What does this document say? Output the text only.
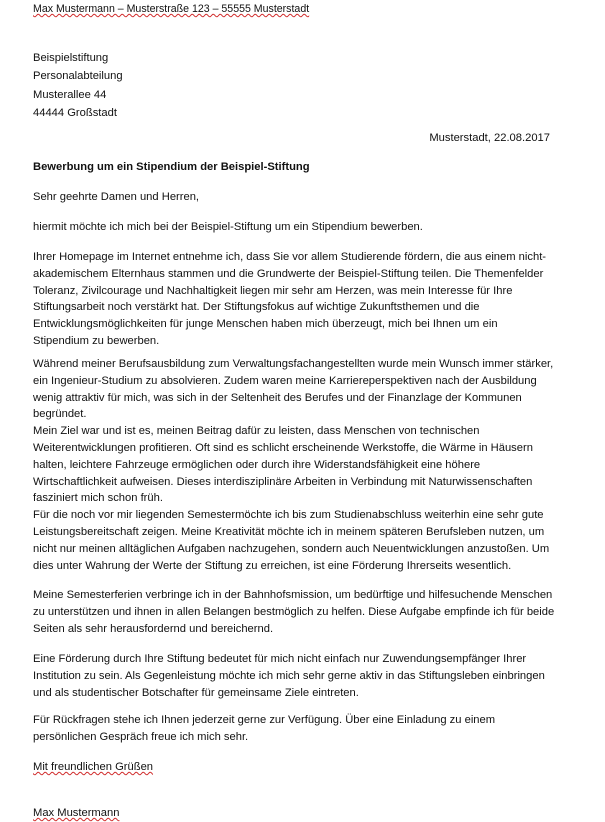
Max Mustermann – Musterstraße 123 – 55555 Musterstadt
Beispielstiftung
Personalabteilung
Musterallee 44
44444 Großstadt
Musterstadt, 22.08.2017
Bewerbung um ein Stipendium der Beispiel-Stiftung
Sehr geehrte Damen und Herren,
hiermit möchte ich mich bei der Beispiel-Stiftung um ein Stipendium bewerben.
Ihrer Homepage im Internet entnehme ich, dass Sie vor allem Studierende fördern, die aus einem nicht-akademischem Elternhaus stammen und die Grundwerte der Beispiel-Stiftung teilen. Die Themenfelder Toleranz, Zivilcourage und Nachhaltigkeit liegen mir sehr am Herzen, was mein Interesse für Ihre Stiftungsarbeit noch verstärkt hat. Der Stiftungsfokus auf wichtige Zukunftsthemen und die Entwicklungsmöglichkeiten für junge Menschen haben mich überzeugt, mich bei Ihnen um ein Stipendium zu bewerben.

Während meiner Berufsausbildung zum Verwaltungsfachangestellten wurde mein Wunsch immer stärker, ein Ingenieur-Studium zu absolvieren. Zudem waren meine Karriereperspektiven nach der Ausbildung wenig attraktiv für mich, was sich in der Seltenheit des Berufes und der Finanzlage der Kommunen begründet.

Mein Ziel war und ist es, meinen Beitrag dafür zu leisten, dass Menschen von technischen Weiterentwicklungen profitieren. Oft sind es schlicht erscheinende Werkstoffe, die Wärme in Häusern halten, leichtere Fahrzeuge ermöglichen oder durch ihre Widerstandsfähigkeit eine höhere Wirtschaftlichkeit aufweisen. Dieses interdisziplinäre Arbeiten in Verbindung mit Naturwissenschaften fasziniert mich schon früh.

Für die noch vor mir liegenden Semestermöchte ich bis zum Studienabschluss weiterhin eine sehr gute Leistungsbereitschaft zeigen. Meine Kreativität möchte ich in meinem späteren Berufsleben nutzen, um nicht nur meinen alltäglichen Aufgaben nachzugehen, sondern auch Neuentwicklungen anzustoßen. Um dies unter Wahrung der Werte der Stiftung zu erreichen, ist eine Förderung Ihrerseits wesentlich.

Meine Semesterferien verbringe ich in der Bahnhofsmission, um bedürftige und hilfesuchende Menschen zu unterstützen und ihnen in allen Belangen bestmöglich zu helfen. Diese Aufgabe empfinde ich für beide Seiten als sehr herausfordernd und bereichernd.
Eine Förderung durch Ihre Stiftung bedeutet für mich nicht einfach nur Zuwendungsempfänger Ihrer Institution zu sein. Als Gegenleistung möchte ich mich sehr gerne aktiv in das Stiftungsleben einbringen und als studentischer Botschafter für gemeinsame Ziele eintreten.
Für Rückfragen stehe ich Ihnen jederzeit gerne zur Verfügung. Über eine Einladung zu einem persönlichen Gespräch freue ich mich sehr.
Mit freundlichen Grüßen
Max Mustermann
